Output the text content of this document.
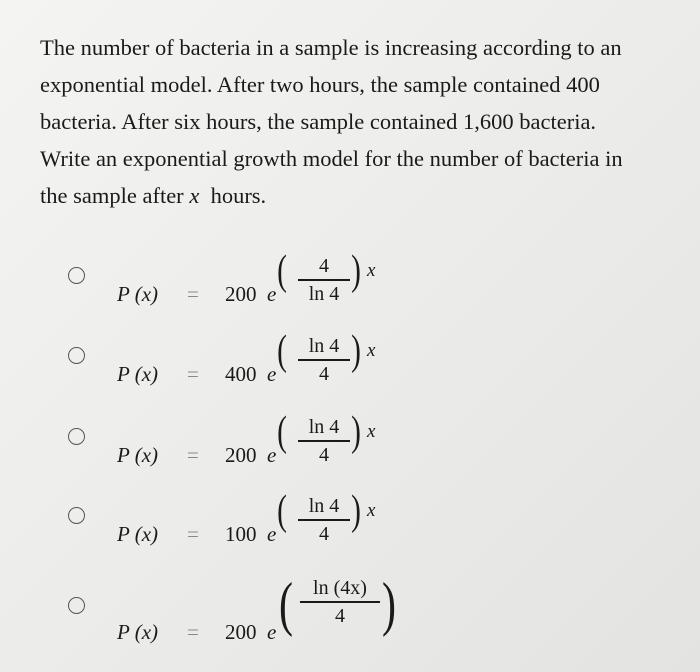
The number of bacteria in a sample is increasing according to an
exponential model. After two hours, the sample contained 400
bacteria. After six hours, the sample contained 1,600 bacteria.
Write an exponential growth model for the number of bacteria in
the sample after x hours.
P (x) = 200 e (	4
ln 4 ) x
P (x) = 400 e (	ln 4
4 ) x
P (x) = 200 e (	ln 4
4 ) x
P (x) = 100 e (	ln 4
4 ) x
P (x) = 200 e (	ln (4x)
4 )
